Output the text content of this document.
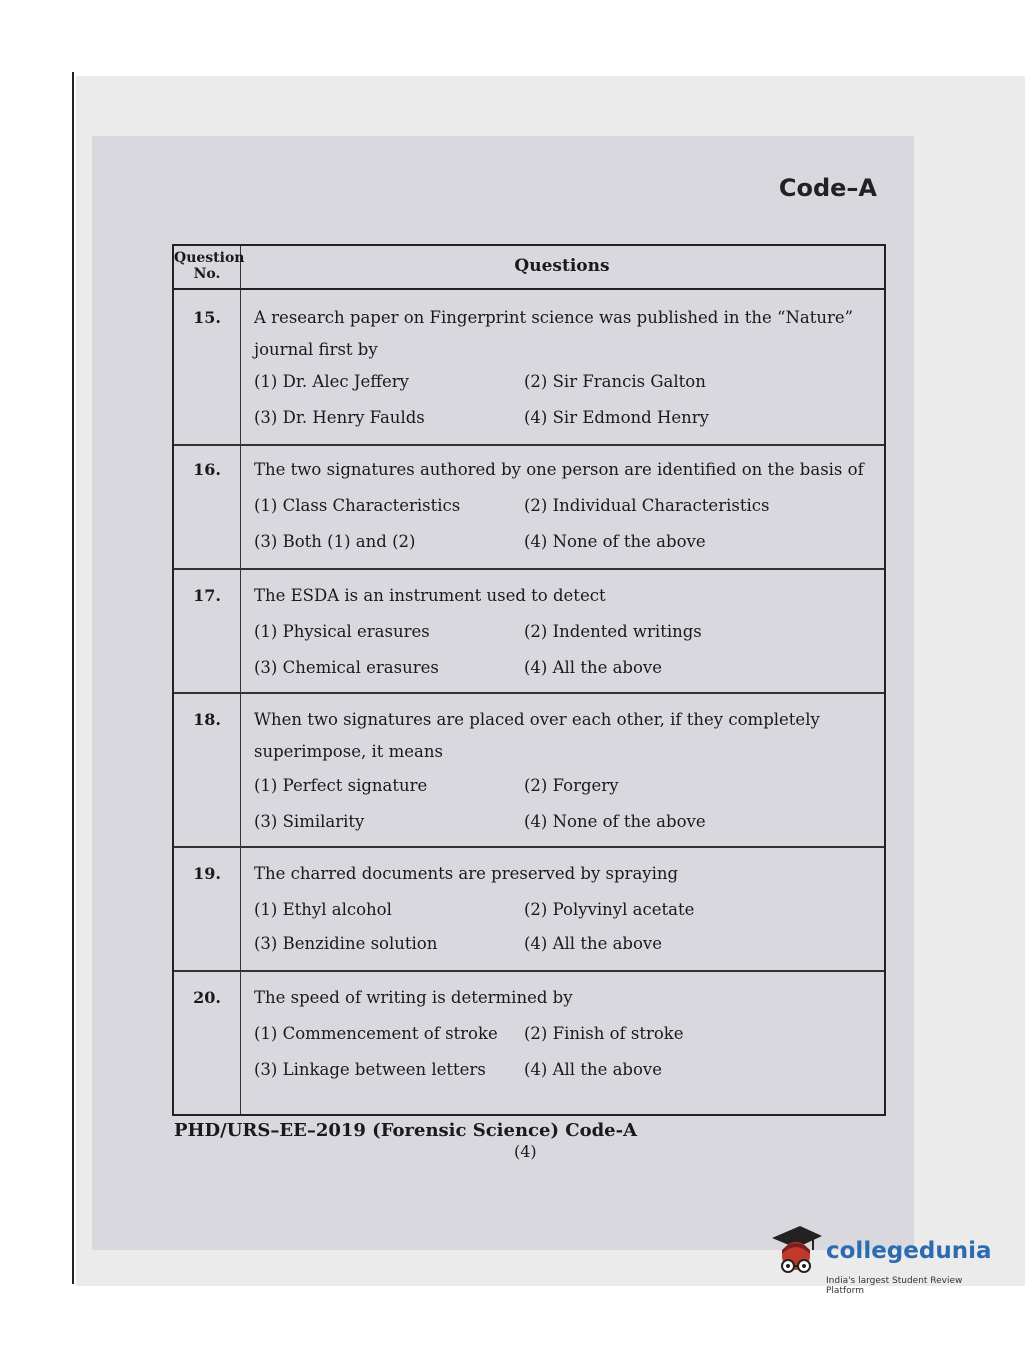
Code–A
Question
No.	Questions
15.	A research paper on Fingerprint science was published in the “Nature” journal first by
(1) Dr. Alec Jeffery	(2) Sir Francis Galton
(3) Dr. Henry Faulds	(4) Sir Edmond Henry
16.	The two signatures authored by one person are identified on the basis of
(1) Class Characteristics	(2) Individual Characteristics
(3) Both (1) and (2)	(4) None of the above
17.	The ESDA is an instrument used to detect
(1) Physical erasures	(2) Indented writings
(3) Chemical erasures	(4) All the above
18.	When two signatures are placed over each other, if they completely superimpose, it means
(1) Perfect signature	(2) Forgery
(3) Similarity	(4) None of the above
19.	The charred documents are preserved by spraying
(1) Ethyl alcohol	(2) Polyvinyl acetate
(3) Benzidine solution	(4) All the above
20.	The speed of writing is determined by
(1) Commencement of stroke (2) Finish of stroke
(3) Linkage between letters (4) All the above
PHD/URS–EE–2019 (Forensic Science) Code-A
(4)
collegedunia
India's largest Student Review Platform
